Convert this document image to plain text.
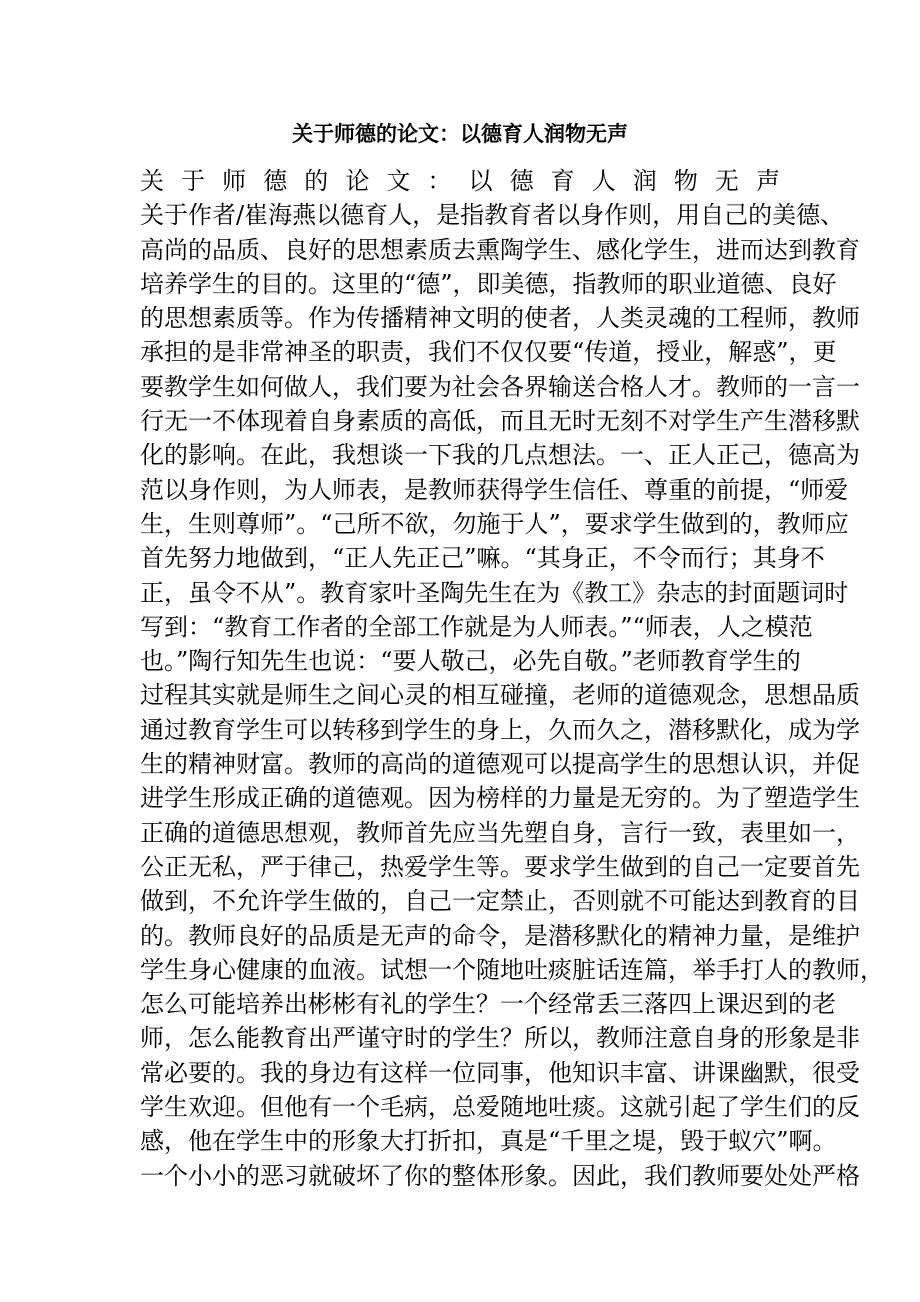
关于师德的论文：以德育人润物无声
关于师德的论文：以德育人润物无声
关于作者/崔海燕以德育人，是指教育者以身作则，用自己的美德、
高尚的品质、良好的思想素质去熏陶学生、感化学生，进而达到教育
培养学生的目的。这里的“德”，即美德，指教师的职业道德、良好
的思想素质等。作为传播精神文明的使者，人类灵魂的工程师，教师
承担的是非常神圣的职责，我们不仅仅要“传道，授业，解惑”，更
要教学生如何做人，我们要为社会各界输送合格人才。教师的一言一
行无一不体现着自身素质的高低，而且无时无刻不对学生产生潜移默
化的影响。在此，我想谈一下我的几点想法。一、正人正己，德高为
范以身作则，为人师表，是教师获得学生信任、尊重的前提，“师爱
生，生则尊师”。“己所不欲，勿施于人”，要求学生做到的，教师应
首先努力地做到，“正人先正己”嘛。“其身正，不令而行；其身不
正，虽令不从”。教育家叶圣陶先生在为《教工》杂志的封面题词时
写到：“教育工作者的全部工作就是为人师表。”“师表，人之模范
也。”陶行知先生也说：“要人敬己，必先自敬。”老师教育学生的
过程其实就是师生之间心灵的相互碰撞，老师的道德观念，思想品质
通过教育学生可以转移到学生的身上，久而久之，潜移默化，成为学
生的精神财富。教师的高尚的道德观可以提高学生的思想认识，并促
进学生形成正确的道德观。因为榜样的力量是无穷的。为了塑造学生
正确的道德思想观，教师首先应当先塑自身，言行一致，表里如一，
公正无私，严于律己，热爱学生等。要求学生做到的自己一定要首先
做到，不允许学生做的，自己一定禁止，否则就不可能达到教育的目
的。教师良好的品质是无声的命令，是潜移默化的精神力量，是维护
学生身心健康的血液。试想一个随地吐痰脏话连篇，举手打人的教师，
怎么可能培养出彬彬有礼的学生？一个经常丢三落四上课迟到的老
师，怎么能教育出严谨守时的学生？所以，教师注意自身的形象是非
常必要的。我的身边有这样一位同事，他知识丰富、讲课幽默，很受
学生欢迎。但他有一个毛病，总爱随地吐痰。这就引起了学生们的反
感，他在学生中的形象大打折扣，真是“千里之堤，毁于蚁穴”啊。
一个小小的恶习就破坏了你的整体形象。因此，我们教师要处处严格
